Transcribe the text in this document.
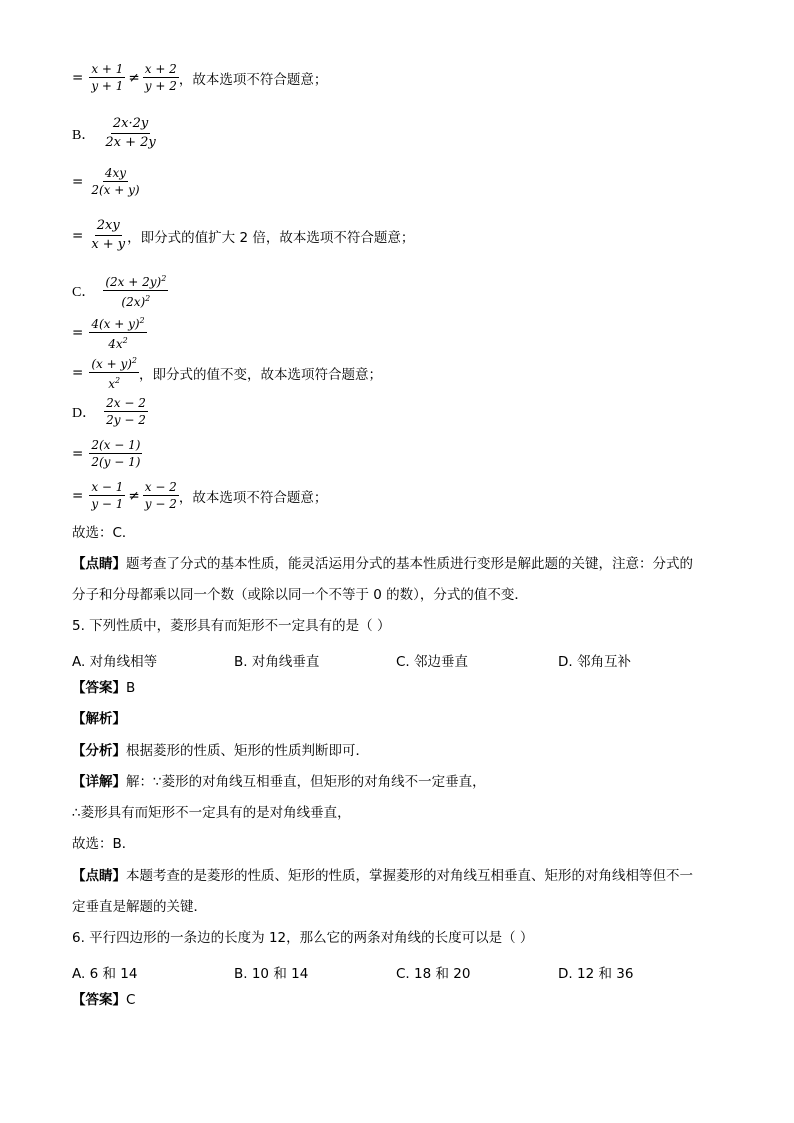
= $\frac{x + 1}{y + 1} \ne \frac{x + 2}{y + 2}$ ，故本选项不符合题意；
B． $\frac{2x\cdot 2y}{2x + 2y}$
= $\frac{4xy}{2(x + y)}$
= $\frac{2xy}{x + y}$ ，即分式的值扩大 2 倍，故本选项不符合题意；
C． $\frac{(2x + 2y)^2}{(2x)^2}$
= $\frac{4(x + y)^2}{4x^2}$
= $\frac{(x + y)^2}{x^2}$ ，即分式的值不变，故本选项符合题意；
D． $\frac{2x - 2}{2y - 2}$
= $\frac{2(x - 1)}{2(y - 1)}$
= $\frac{x - 1}{y - 1} \ne \frac{x - 2}{y - 2}$ ，故本选项不符合题意；
故选：C．
【点睛】题考查了分式的基本性质，能灵活运用分式的基本性质进行变形是解此题的关键，注意：分式的
分子和分母都乘以同一个数（或除以同一个不等于 0 的数），分式的值不变．
5. 下列性质中，菱形具有而矩形不一定具有的是（ ）
A. 对角线相等	B. 对角线垂直	C. 邻边垂直	D. 邻角互补
【答案】B
【解析】
【分析】根据菱形的性质、矩形的性质判断即可．
【详解】解：∵菱形的对角线互相垂直，但矩形的对角线不一定垂直，
∴菱形具有而矩形不一定具有的是对角线垂直，
故选：B．
【点睛】本题考查的是菱形的性质、矩形的性质，掌握菱形的对角线互相垂直、矩形的对角线相等但不一
定垂直是解题的关键．
6. 平行四边形的一条边的长度为 12，那么它的两条对角线的长度可以是（ ）
A. 6 和 14	B. 10 和 14	C. 18 和 20	D. 12 和 36
【答案】C
